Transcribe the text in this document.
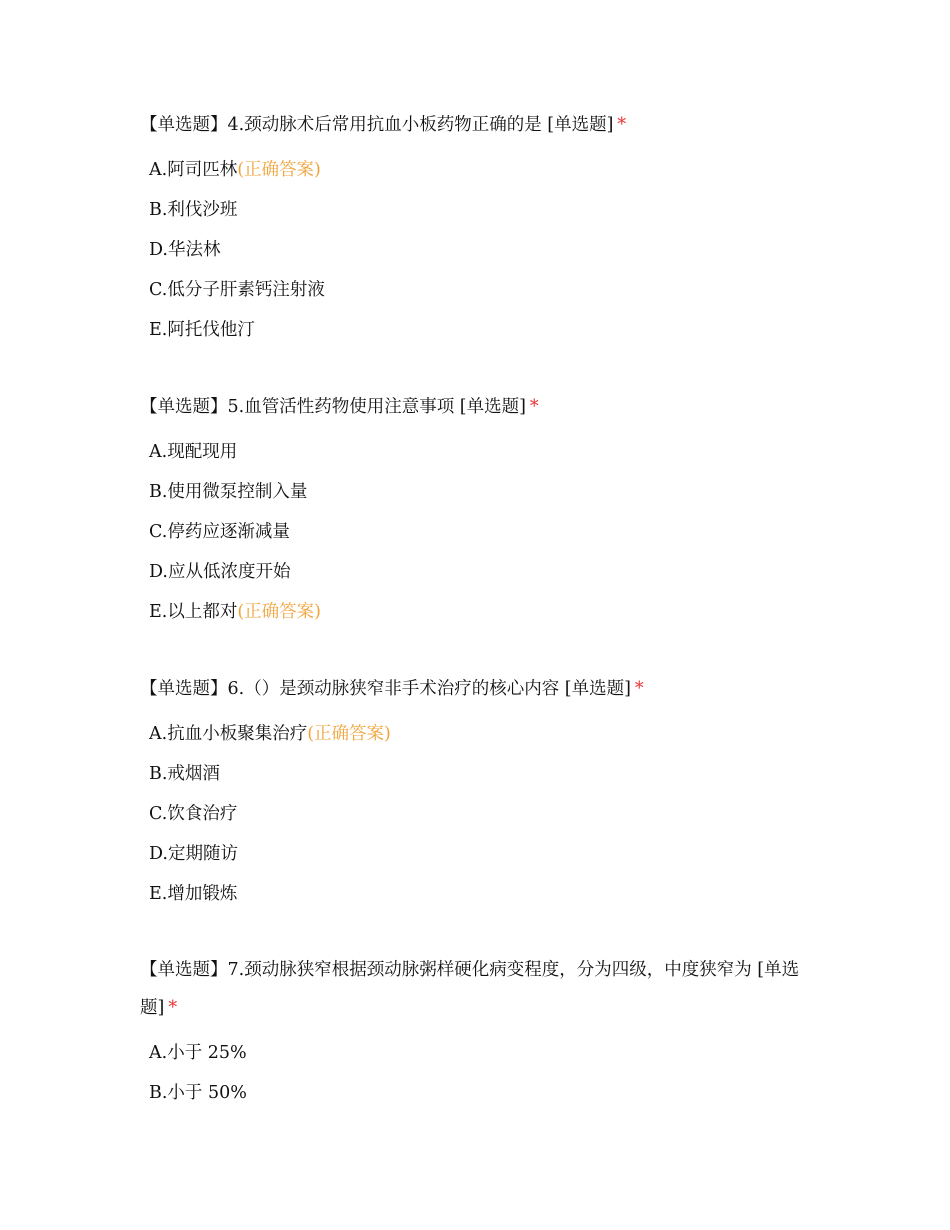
【单选题】4.颈动脉术后常用抗血小板药物正确的是 [单选题] *

A.阿司匹林(正确答案)
B.利伐沙班
D.华法林
C.低分子肝素钙注射液
E.阿托伐他汀

【单选题】5.血管活性药物使用注意事项 [单选题] *

A.现配现用
B.使用微泵控制入量
C.停药应逐渐减量
D.应从低浓度开始
E.以上都对(正确答案)

【单选题】6.（）是颈动脉狭窄非手术治疗的核心内容 [单选题] *

A.抗血小板聚集治疗(正确答案)
B.戒烟酒
C.饮食治疗
D.定期随访
E.增加锻炼

【单选题】7.颈动脉狭窄根据颈动脉粥样硬化病变程度，分为四级，中度狭窄为 [单选题] *

A.小于 25%
B.小于 50%
